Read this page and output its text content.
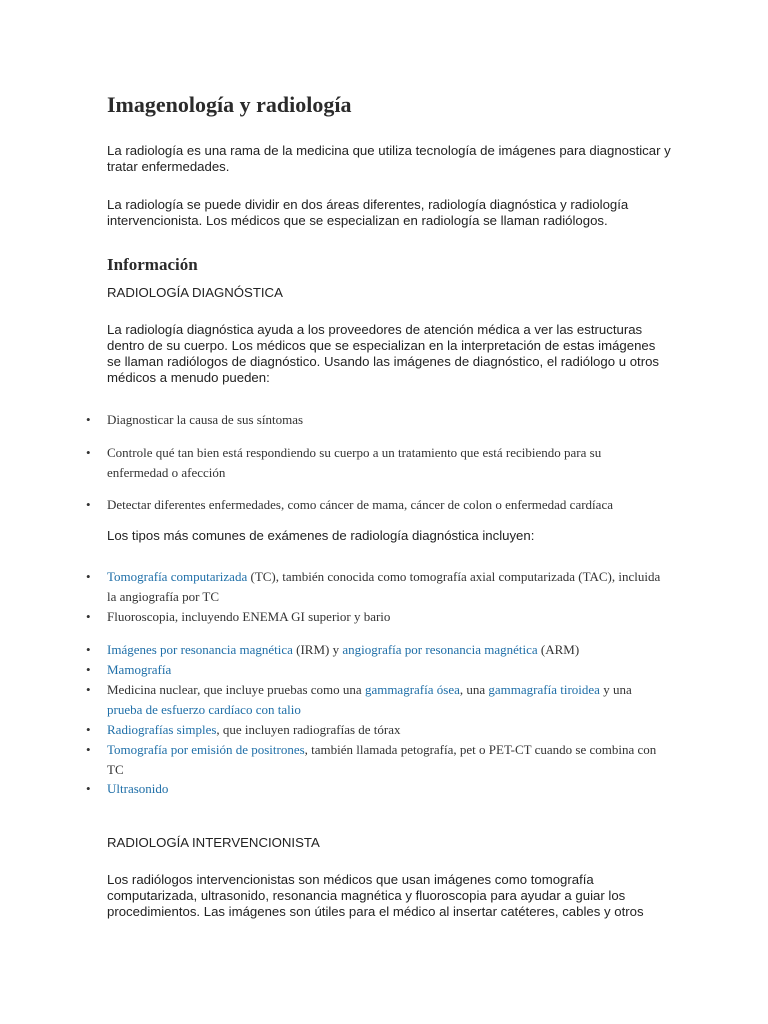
Imagenología y radiología

La radiología es una rama de la medicina que utiliza tecnología de imágenes para diagnosticar y tratar enfermedades.

La radiología se puede dividir en dos áreas diferentes, radiología diagnóstica y radiología intervencionista. Los médicos que se especializan en radiología se llaman radiólogos.

Información

RADIOLOGÍA DIAGNÓSTICA

La radiología diagnóstica ayuda a los proveedores de atención médica a ver las estructuras dentro de su cuerpo. Los médicos que se especializan en la interpretación de estas imágenes se llaman radiólogos de diagnóstico. Usando las imágenes de diagnóstico, el radiólogo u otros médicos a menudo pueden:

•	Diagnosticar la causa de sus síntomas
•	Controle qué tan bien está respondiendo su cuerpo a un tratamiento que está recibiendo para su enfermedad o afección
•	Detectar diferentes enfermedades, como cáncer de mama, cáncer de colon o enfermedad cardíaca

Los tipos más comunes de exámenes de radiología diagnóstica incluyen:

•	Tomografía computarizada (TC), también conocida como tomografía axial computarizada (TAC), incluida la angiografía por TC
•	Fluoroscopia, incluyendo ENEMA GI superior y bario
•	Imágenes por resonancia magnética (IRM) y angiografía por resonancia magnética (ARM)
•	Mamografía
•	Medicina nuclear, que incluye pruebas como una gammagrafía ósea, una gammagrafía tiroidea y una prueba de esfuerzo cardíaco con talio
•	Radiografías simples, que incluyen radiografías de tórax
•	Tomografía por emisión de positrones, también llamada petografía, pet o PET-CT cuando se combina con TC
•	Ultrasonido

RADIOLOGÍA INTERVENCIONISTA

Los radiólogos intervencionistas son médicos que usan imágenes como tomografía computarizada, ultrasonido, resonancia magnética y fluoroscopia para ayudar a guiar los procedimientos. Las imágenes son útiles para el médico al insertar catéteres, cables y otros
